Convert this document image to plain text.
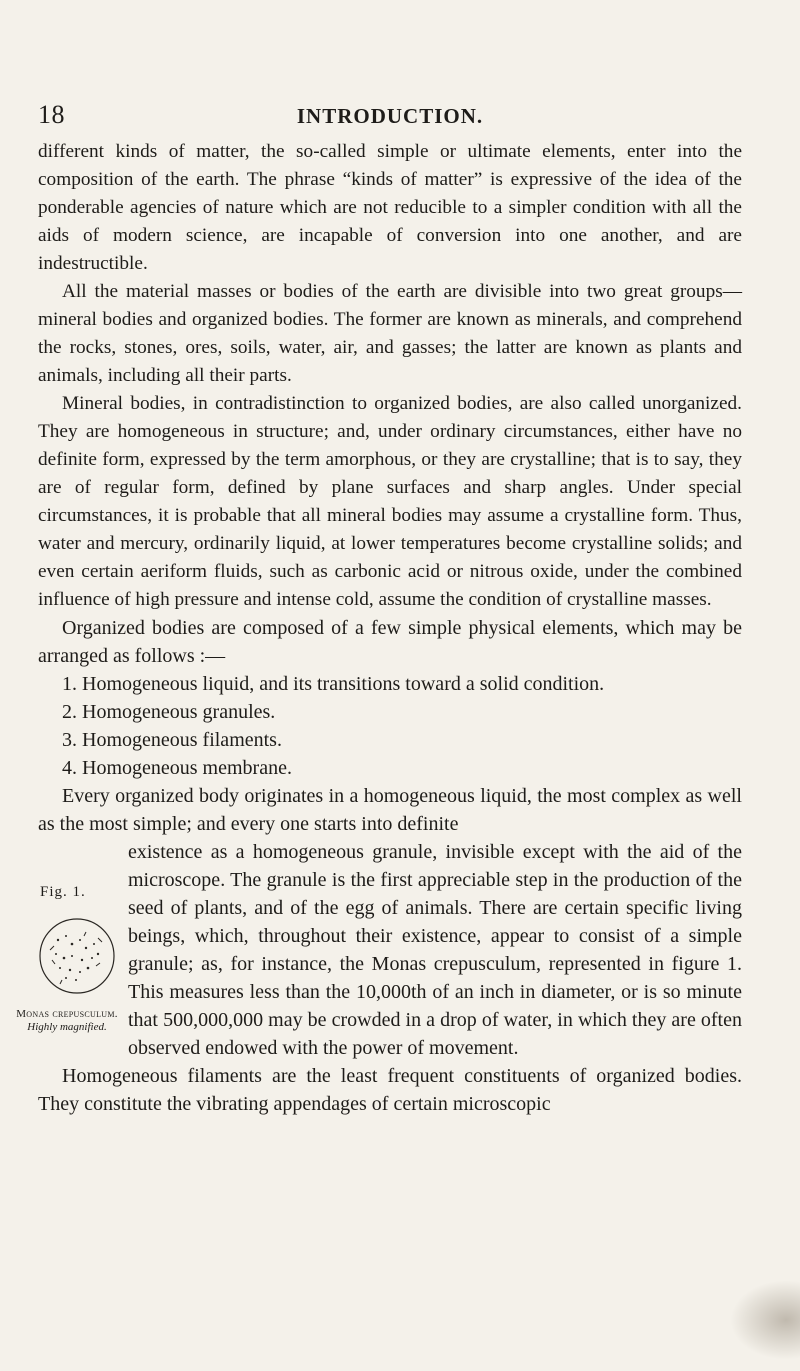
18	INTRODUCTION.

different kinds of matter, the so-called simple or ultimate elements, enter into the composition of the earth. The phrase “kinds of matter” is expressive of the idea of the ponderable agencies of nature which are not reducible to a simpler condition with all the aids of modern science, are incapable of conversion into one another, and are indestructible.

All the material masses or bodies of the earth are divisible into two great groups—mineral bodies and organized bodies. The former are known as minerals, and comprehend the rocks, stones, ores, soils, water, air, and gasses; the latter are known as plants and animals, including all their parts.

Mineral bodies, in contradistinction to organized bodies, are also called unorganized. They are homogeneous in structure; and, under ordinary circumstances, either have no definite form, expressed by the term amorphous, or they are crystalline; that is to say, they are of regular form, defined by plane surfaces and sharp angles. Under special circumstances, it is probable that all mineral bodies may assume a crystalline form. Thus, water and mercury, ordinarily liquid, at lower temperatures become crystalline solids; and even certain aeriform fluids, such as carbonic acid or nitrous oxide, under the combined influence of high pressure and intense cold, assume the condition of crystalline masses.

Organized bodies are composed of a few simple physical elements, which may be arranged as follows :—

1. Homogeneous liquid, and its transitions toward a solid condition.
2. Homogeneous granules.
3. Homogeneous filaments.
4. Homogeneous membrane.

Every organized body originates in a homogeneous liquid, the most complex as well as the most simple; and every one starts into definite

Fig. 1.
Monas crepusculum.
Highly magnified.

existence as a homogeneous granule, invisible except with the aid of the microscope. The granule is the first appreciable step in the production of the seed of plants, and of the egg of animals. There are certain specific living beings, which, throughout their existence, appear to consist of a simple granule; as, for instance, the Monas crepusculum, represented in figure 1. This measures less than the 10,000th of an inch in diameter, or is so minute that 500,000,000 may be crowded in a drop of water, in which they are often observed endowed with the power of movement.

Homogeneous filaments are the least frequent constituents of organized bodies. They constitute the vibrating appendages of certain microscopic
